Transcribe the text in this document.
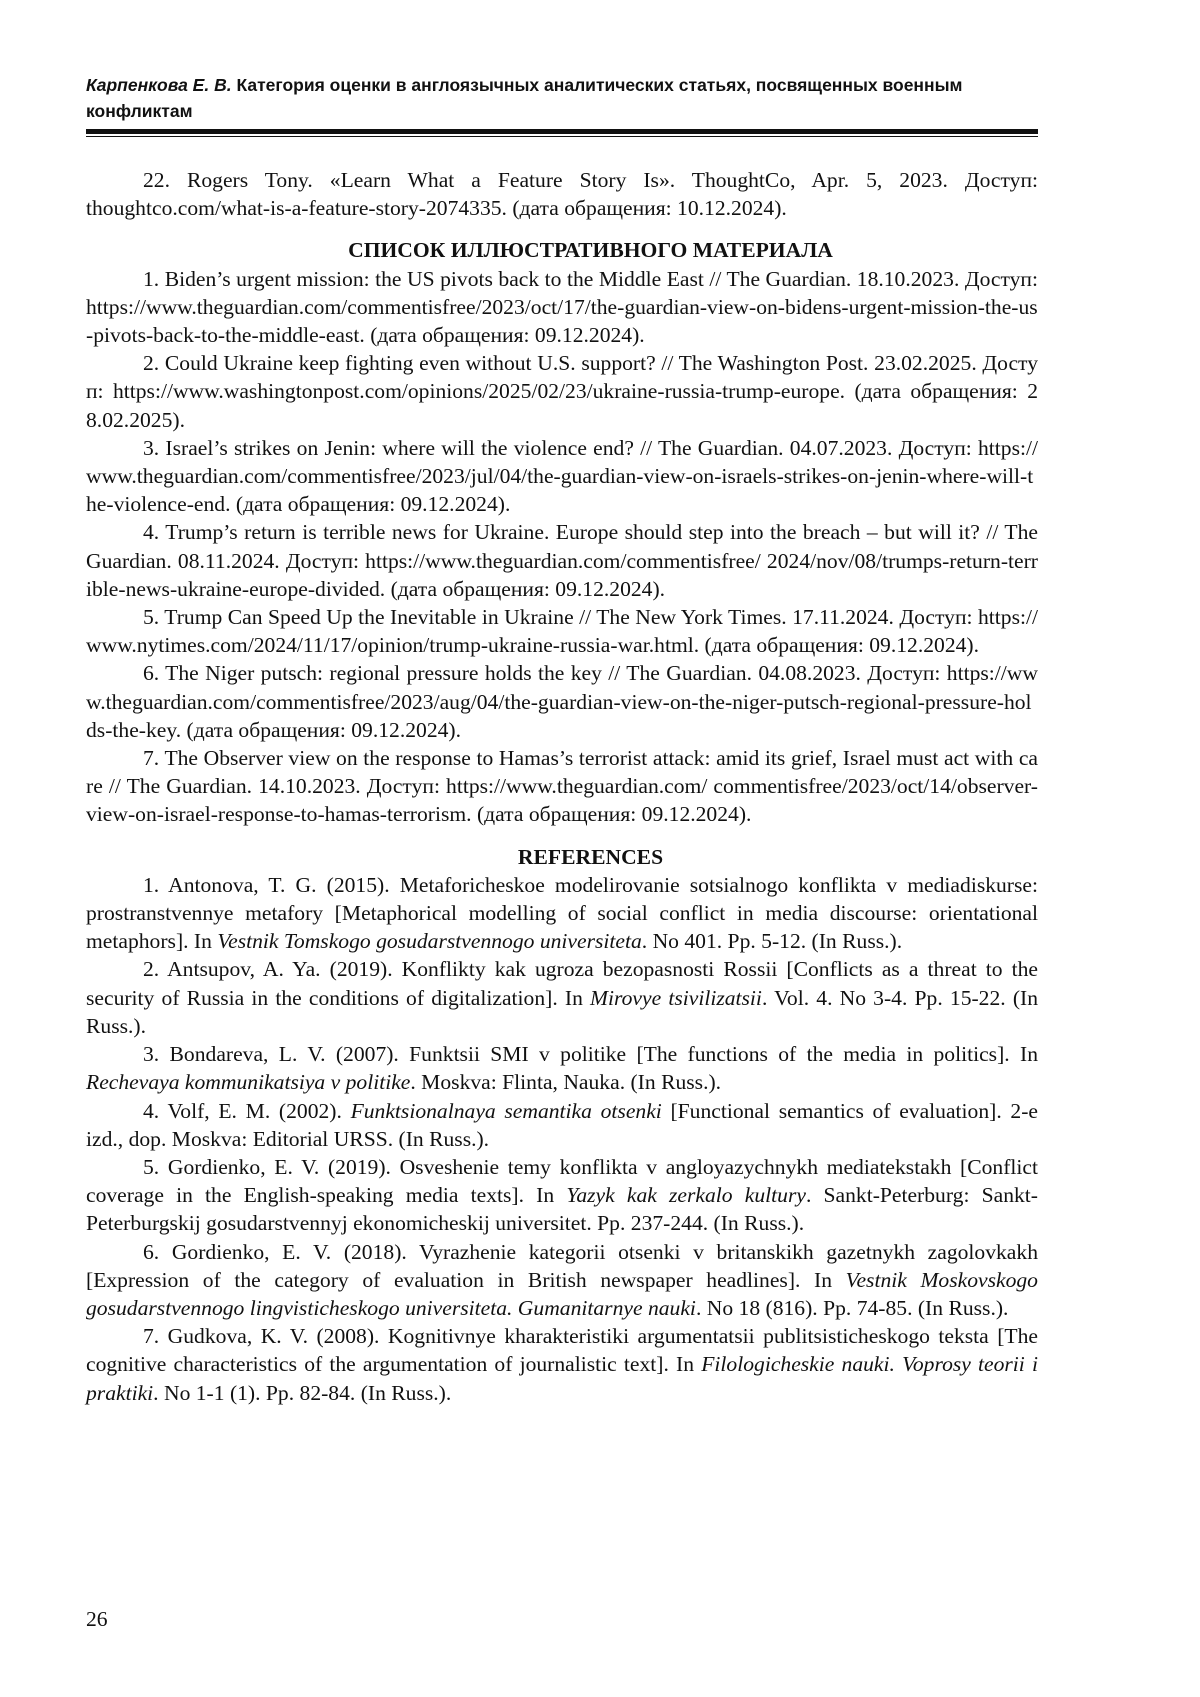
Карпенкова Е. В. Категория оценки в англоязычных аналитических статьях, посвященных военным конфликтам

22. Rogers Tony. «Learn What a Feature Story Is». ThoughtCo, Apr. 5, 2023. Доступ: thoughtco.com/what-is-a-feature-story-2074335. (дата обращения: 10.12.2024).

СПИСОК ИЛЛЮСТРАТИВНОГО МАТЕРИАЛА

1. Biden’s urgent mission: the US pivots back to the Middle East // The Guardian. 18.10.2023. Доступ: https://www.theguardian.com/commentisfree/2023/oct/17/the-guardian-view-on-bidens-urgent-mission-the-us-pivots-back-to-the-middle-east. (дата обращения: 09.12.2024).

2. Could Ukraine keep fighting even without U.S. support? // The Washington Post. 23.02.2025. Доступ: https://www.washingtonpost.com/opinions/2025/02/23/ukraine-russia-trump-europe. (дата обращения: 28.02.2025).

3. Israel’s strikes on Jenin: where will the violence end? // The Guardian. 04.07.2023. Доступ: https://www.theguardian.com/commentisfree/2023/jul/04/the-guardian-view-on-israels-strikes-on-jenin-where-will-the-violence-end. (дата обращения: 09.12.2024).

4. Trump’s return is terrible news for Ukraine. Europe should step into the breach – but will it? // The Guardian. 08.11.2024. Доступ: https://www.theguardian.com/commentisfree/ 2024/nov/08/trumps-return-terrible-news-ukraine-europe-divided. (дата обращения: 09.12.2024).

5. Trump Can Speed Up the Inevitable in Ukraine // The New York Times. 17.11.2024. Доступ: https://www.nytimes.com/2024/11/17/opinion/trump-ukraine-russia-war.html. (дата обращения: 09.12.2024).

6. The Niger putsch: regional pressure holds the key // The Guardian. 04.08.2023. Доступ: https://www.theguardian.com/commentisfree/2023/aug/04/the-guardian-view-on-the-niger-putsch-regional-pressure-holds-the-key. (дата обращения: 09.12.2024).

7. The Observer view on the response to Hamas’s terrorist attack: amid its grief, Israel must act with care // The Guardian. 14.10.2023. Доступ: https://www.theguardian.com/ commentisfree/2023/oct/14/observer-view-on-israel-response-to-hamas-terrorism. (дата обращения: 09.12.2024).

REFERENCES

1. Antonova, T. G. (2015). Metaforicheskoe modelirovanie sotsialnogo konflikta v mediadiskurse: prostranstvennye metafory [Metaphorical modelling of social conflict in media discourse: orientational metaphors]. In Vestnik Tomskogo gosudarstvennogo universiteta. No 401. Pp. 5-12. (In Russ.).

2. Antsupov, A. Ya. (2019). Konflikty kak ugroza bezopasnosti Rossii [Conflicts as a threat to the security of Russia in the conditions of digitalization]. In Mirovye tsivilizatsii. Vol. 4. No 3-4. Pp. 15-22. (In Russ.).

3. Bondareva, L. V. (2007). Funktsii SMI v politike [The functions of the media in politics]. In Rechevaya kommunikatsiya v politike. Moskva: Flinta, Nauka. (In Russ.).

4. Volf, E. M. (2002). Funktsionalnaya semantika otsenki [Functional semantics of evaluation]. 2-e izd., dop. Moskva: Editorial URSS. (In Russ.).

5. Gordienko, E. V. (2019). Osveshenie temy konflikta v angloyazychnykh mediatekstakh [Conflict coverage in the English-speaking media texts]. In Yazyk kak zerkalo kultury. Sankt-Peterburg: Sankt-Peterburgskij gosudarstvennyj ekonomicheskij universitet. Pp. 237-244. (In Russ.).

6. Gordienko, E. V. (2018). Vyrazhenie kategorii otsenki v britanskikh gazetnykh zagolovkakh [Expression of the category of evaluation in British newspaper headlines]. In Vestnik Moskovskogo gosudarstvennogo lingvisticheskogo universiteta. Gumanitarnye nauki. No 18 (816). Pp. 74-85. (In Russ.).

7. Gudkova, K. V. (2008). Kognitivnye kharakteristiki argumentatsii publitsisticheskogo teksta [The cognitive characteristics of the argumentation of journalistic text]. In Filologicheskie nauki. Voprosy teorii i praktiki. No 1-1 (1). Pp. 82-84. (In Russ.).

26
